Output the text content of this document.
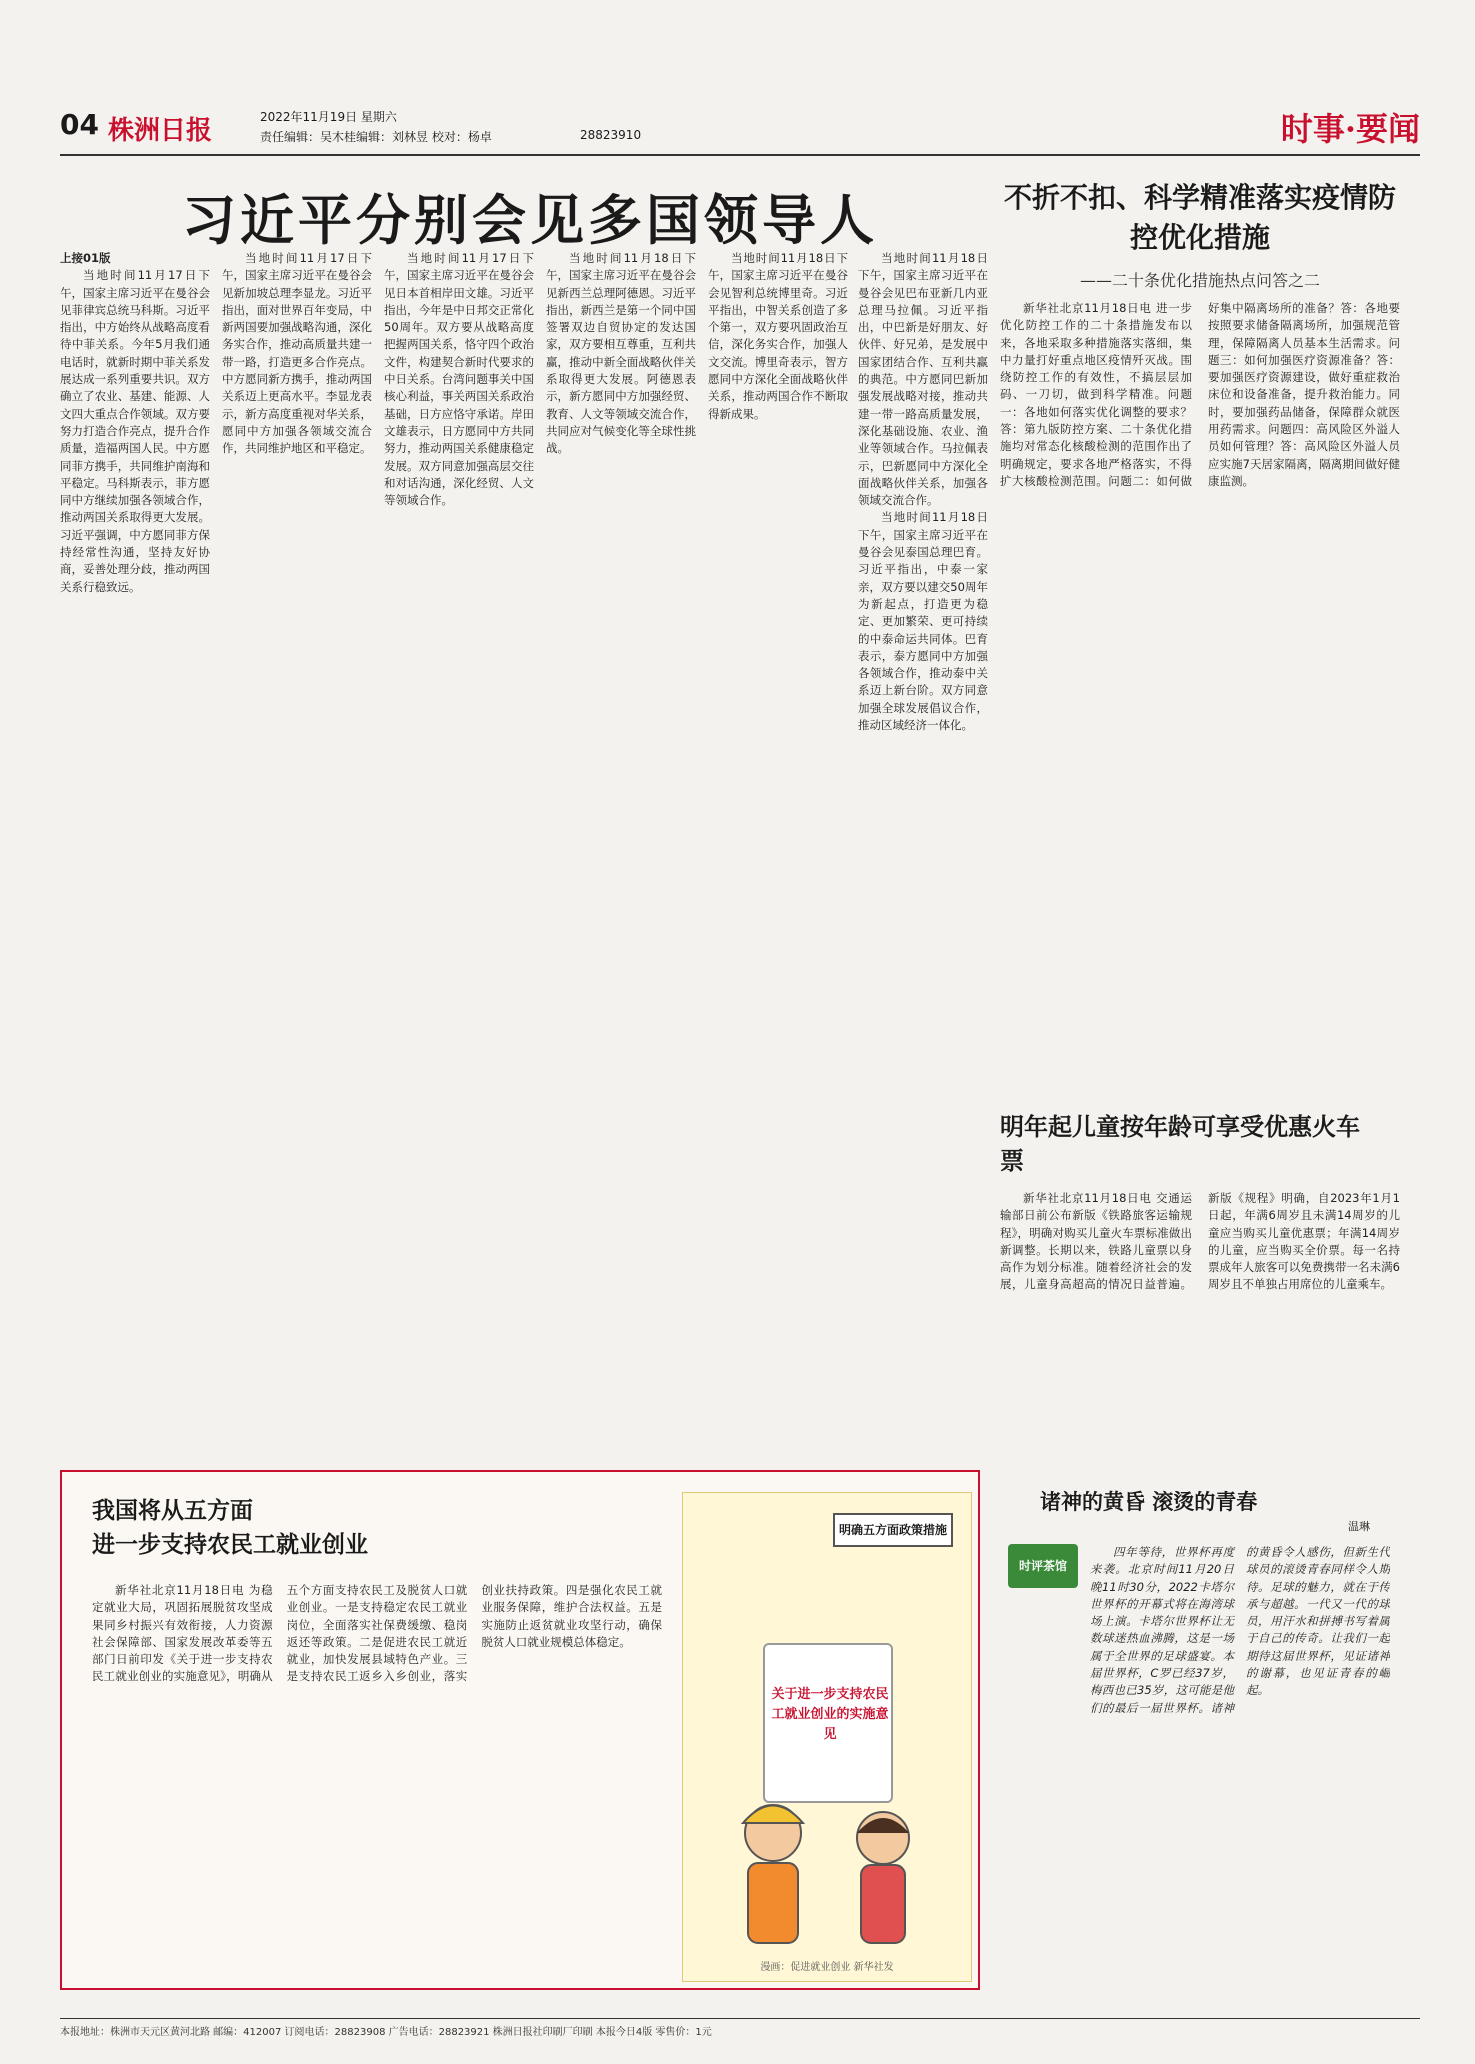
04 株洲日报	2022年11月19日 星期六
责任编辑：吴木桂编辑：刘林昱 校对：杨卓	28823910	时事·要闻
习近平分别会见多国领导人

上接01版

当地时间11月17日下午，国家主席习近平在曼谷会见菲律宾总统马科斯。习近平指出，中方始终从战略高度看待中菲关系。今年5月我们通电话时，就新时期中菲关系发展达成一系列重要共识。双方确立了农业、基建、能源、人文四大重点合作领域。双方要努力打造合作亮点，提升合作质量，造福两国人民。中方愿同菲方携手，共同维护南海和平稳定。马科斯表示，菲方愿同中方继续加强各领域合作，推动两国关系取得更大发展。习近平强调，中方愿同菲方保持经常性沟通，坚持友好协商，妥善处理分歧，推动两国关系行稳致远。

当地时间11月17日下午，国家主席习近平在曼谷会见新加坡总理李显龙。习近平指出，面对世界百年变局，中新两国要加强战略沟通，深化务实合作，推动高质量共建一带一路，打造更多合作亮点。中方愿同新方携手，推动两国关系迈上更高水平。李显龙表示，新方高度重视对华关系，愿同中方加强各领域交流合作，共同维护地区和平稳定。

当地时间11月17日下午，国家主席习近平在曼谷会见日本首相岸田文雄。习近平指出，今年是中日邦交正常化50周年。双方要从战略高度把握两国关系，恪守四个政治文件，构建契合新时代要求的中日关系。台湾问题事关中国核心利益，事关两国关系政治基础，日方应恪守承诺。岸田文雄表示，日方愿同中方共同努力，推动两国关系健康稳定发展。双方同意加强高层交往和对话沟通，深化经贸、人文等领域合作。

当地时间11月18日下午，国家主席习近平在曼谷会见新西兰总理阿德恩。习近平指出，新西兰是第一个同中国签署双边自贸协定的发达国家，双方要相互尊重，互利共赢，推动中新全面战略伙伴关系取得更大发展。阿德恩表示，新方愿同中方加强经贸、教育、人文等领域交流合作，共同应对气候变化等全球性挑战。

当地时间11月18日下午，国家主席习近平在曼谷会见智利总统博里奇。习近平指出，中智关系创造了多个第一，双方要巩固政治互信，深化务实合作，加强人文交流。博里奇表示，智方愿同中方深化全面战略伙伴关系，推动两国合作不断取得新成果。

当地时间11月18日下午，国家主席习近平在曼谷会见巴布亚新几内亚总理马拉佩。习近平指出，中巴新是好朋友、好伙伴、好兄弟，是发展中国家团结合作、互利共赢的典范。中方愿同巴新加强发展战略对接，推动共建一带一路高质量发展，深化基础设施、农业、渔业等领域合作。马拉佩表示，巴新愿同中方深化全面战略伙伴关系，加强各领域交流合作。

当地时间11月18日下午，国家主席习近平在曼谷会见泰国总理巴育。习近平指出，中泰一家亲，双方要以建交50周年为新起点，打造更为稳定、更加繁荣、更可持续的中泰命运共同体。巴育表示，泰方愿同中方加强各领域合作，推动泰中关系迈上新台阶。双方同意加强全球发展倡议合作，推动区域经济一体化。

不折不扣、科学精准落实疫情防控优化措施
——二十条优化措施热点问答之二

新华社北京11月18日电 进一步优化防控工作的二十条措施发布以来，各地采取多种措施落实落细，集中力量打好重点地区疫情歼灭战。围绕防控工作的有效性，不搞层层加码、一刀切，做到科学精准。问题一：各地如何落实优化调整的要求？答：第九版防控方案、二十条优化措施均对常态化核酸检测的范围作出了明确规定，要求各地严格落实，不得扩大核酸检测范围。问题二：如何做好集中隔离场所的准备？答：各地要按照要求储备隔离场所，加强规范管理，保障隔离人员基本生活需求。问题三：如何加强医疗资源准备？答：要加强医疗资源建设，做好重症救治床位和设备准备，提升救治能力。同时，要加强药品储备，保障群众就医用药需求。问题四：高风险区外溢人员如何管理？答：高风险区外溢人员应实施7天居家隔离，隔离期间做好健康监测。

明年起儿童按年龄可享受优惠火车票

新华社北京11月18日电 交通运输部日前公布新版《铁路旅客运输规程》，明确对购买儿童火车票标准做出新调整。长期以来，铁路儿童票以身高作为划分标准。随着经济社会的发展，儿童身高超高的情况日益普遍。新版《规程》明确，自2023年1月1日起，年满6周岁且未满14周岁的儿童应当购买儿童优惠票；年满14周岁的儿童，应当购买全价票。每一名持票成年人旅客可以免费携带一名未满6周岁且不单独占用席位的儿童乘车。

我国将从五方面
进一步支持农民工就业创业

新华社北京11月18日电 为稳定就业大局，巩固拓展脱贫攻坚成果同乡村振兴有效衔接，人力资源社会保障部、国家发展改革委等五部门日前印发《关于进一步支持农民工就业创业的实施意见》，明确从五个方面支持农民工及脱贫人口就业创业。一是支持稳定农民工就业岗位，全面落实社保费缓缴、稳岗返还等政策。二是促进农民工就近就业，加快发展县域特色产业。三是支持农民工返乡入乡创业，落实创业扶持政策。四是强化农民工就业服务保障，维护合法权益。五是实施防止返贫就业攻坚行动，确保脱贫人口就业规模总体稳定。

明确五方面政策措施
关于进一步支持农民工就业创业的实施意见
漫画：促进就业创业 新华社发
诸神的黄昏 滚烫的青春
温琳
时评茶馆

四年等待，世界杯再度来袭。北京时间11月20日晚11时30分，2022卡塔尔世界杯的开幕式将在海湾球场上演。卡塔尔世界杯让无数球迷热血沸腾，这是一场属于全世界的足球盛宴。本届世界杯，C罗已经37岁，梅西也已35岁，这可能是他们的最后一届世界杯。诸神的黄昏令人感伤，但新生代球员的滚烫青春同样令人期待。足球的魅力，就在于传承与超越。一代又一代的球员，用汗水和拼搏书写着属于自己的传奇。让我们一起期待这届世界杯，见证诸神的谢幕，也见证青春的崛起。

本报地址：株洲市天元区黄河北路 邮编：412007 订阅电话：28823908 广告电话：28823921 株洲日报社印刷厂印刷 本报今日4版 零售价：1元
